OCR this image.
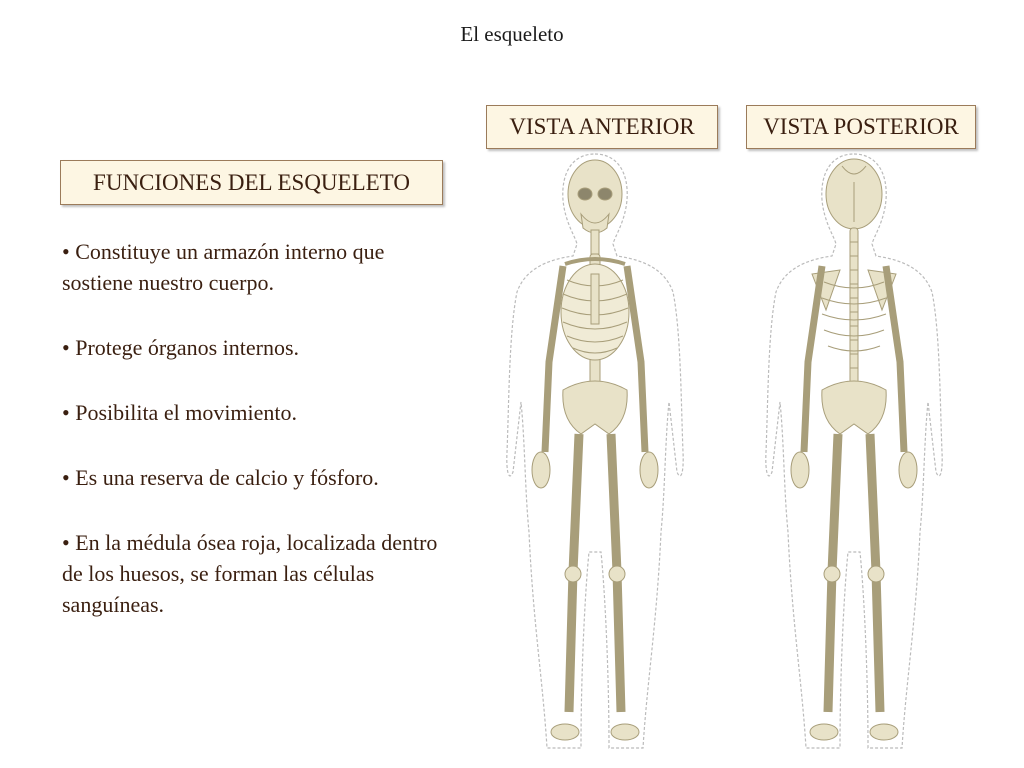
El esqueleto
VISTA ANTERIOR	VISTA POSTERIOR
FUNCIONES DEL ESQUELETO
• Constituye un armazón interno que sostiene nuestro cuerpo.
• Protege órganos internos.
• Posibilita el movimiento.
• Es una reserva de calcio y fósforo.
• En la médula ósea roja, localizada dentro de los huesos, se forman las células sanguíneas.
